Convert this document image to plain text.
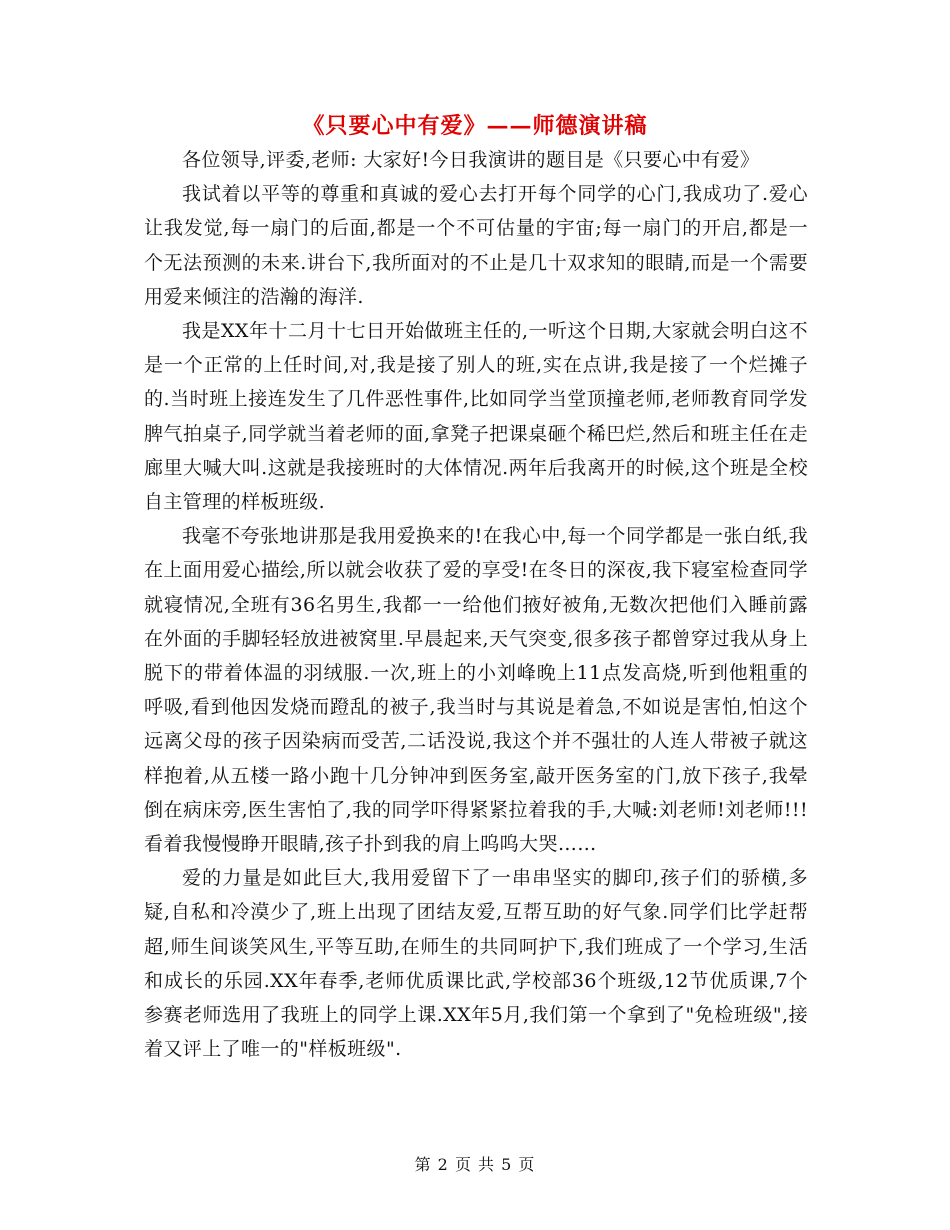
《只要心中有爱》——师德演讲稿

各位领导,评委,老师: 大家好!今日我演讲的题目是《只要心中有爱》

我试着以平等的尊重和真诚的爱心去打开每个同学的心门,我成功了.爱心让我发觉,每一扇门的后面,都是一个不可估量的宇宙;每一扇门的开启,都是一个无法预测的未来.讲台下,我所面对的不止是几十双求知的眼睛,而是一个需要用爱来倾注的浩瀚的海洋.

我是XX年十二月十七日开始做班主任的,一听这个日期,大家就会明白这不是一个正常的上任时间,对,我是接了别人的班,实在点讲,我是接了一个烂摊子的.当时班上接连发生了几件恶性事件,比如同学当堂顶撞老师,老师教育同学发脾气拍桌子,同学就当着老师的面,拿凳子把课桌砸个稀巴烂,然后和班主任在走廊里大喊大叫.这就是我接班时的大体情况.两年后我离开的时候,这个班是全校自主管理的样板班级.

我毫不夸张地讲那是我用爱换来的!在我心中,每一个同学都是一张白纸,我在上面用爱心描绘,所以就会收获了爱的享受!在冬日的深夜,我下寝室检查同学就寝情况,全班有36名男生,我都一一给他们掖好被角,无数次把他们入睡前露在外面的手脚轻轻放进被窝里.早晨起来,天气突变,很多孩子都曾穿过我从身上脱下的带着体温的羽绒服.一次,班上的小刘峰晚上11点发高烧,听到他粗重的呼吸,看到他因发烧而蹬乱的被子,我当时与其说是着急,不如说是害怕,怕这个远离父母的孩子因染病而受苦,二话没说,我这个并不强壮的人连人带被子就这样抱着,从五楼一路小跑十几分钟冲到医务室,敲开医务室的门,放下孩子,我晕倒在病床旁,医生害怕了,我的同学吓得紧紧拉着我的手,大喊:刘老师!刘老师!!!看着我慢慢睁开眼睛,孩子扑到我的肩上呜呜大哭……

爱的力量是如此巨大,我用爱留下了一串串坚实的脚印,孩子们的骄横,多疑,自私和冷漠少了,班上出现了团结友爱,互帮互助的好气象.同学们比学赶帮超,师生间谈笑风生,平等互助,在师生的共同呵护下,我们班成了一个学习,生活和成长的乐园.XX年春季,老师优质课比武,学校部36个班级,12节优质课,7个参赛老师选用了我班上的同学上课.XX年5月,我们第一个拿到了"免检班级",接着又评上了唯一的"样板班级".

第 2 页 共 5 页
